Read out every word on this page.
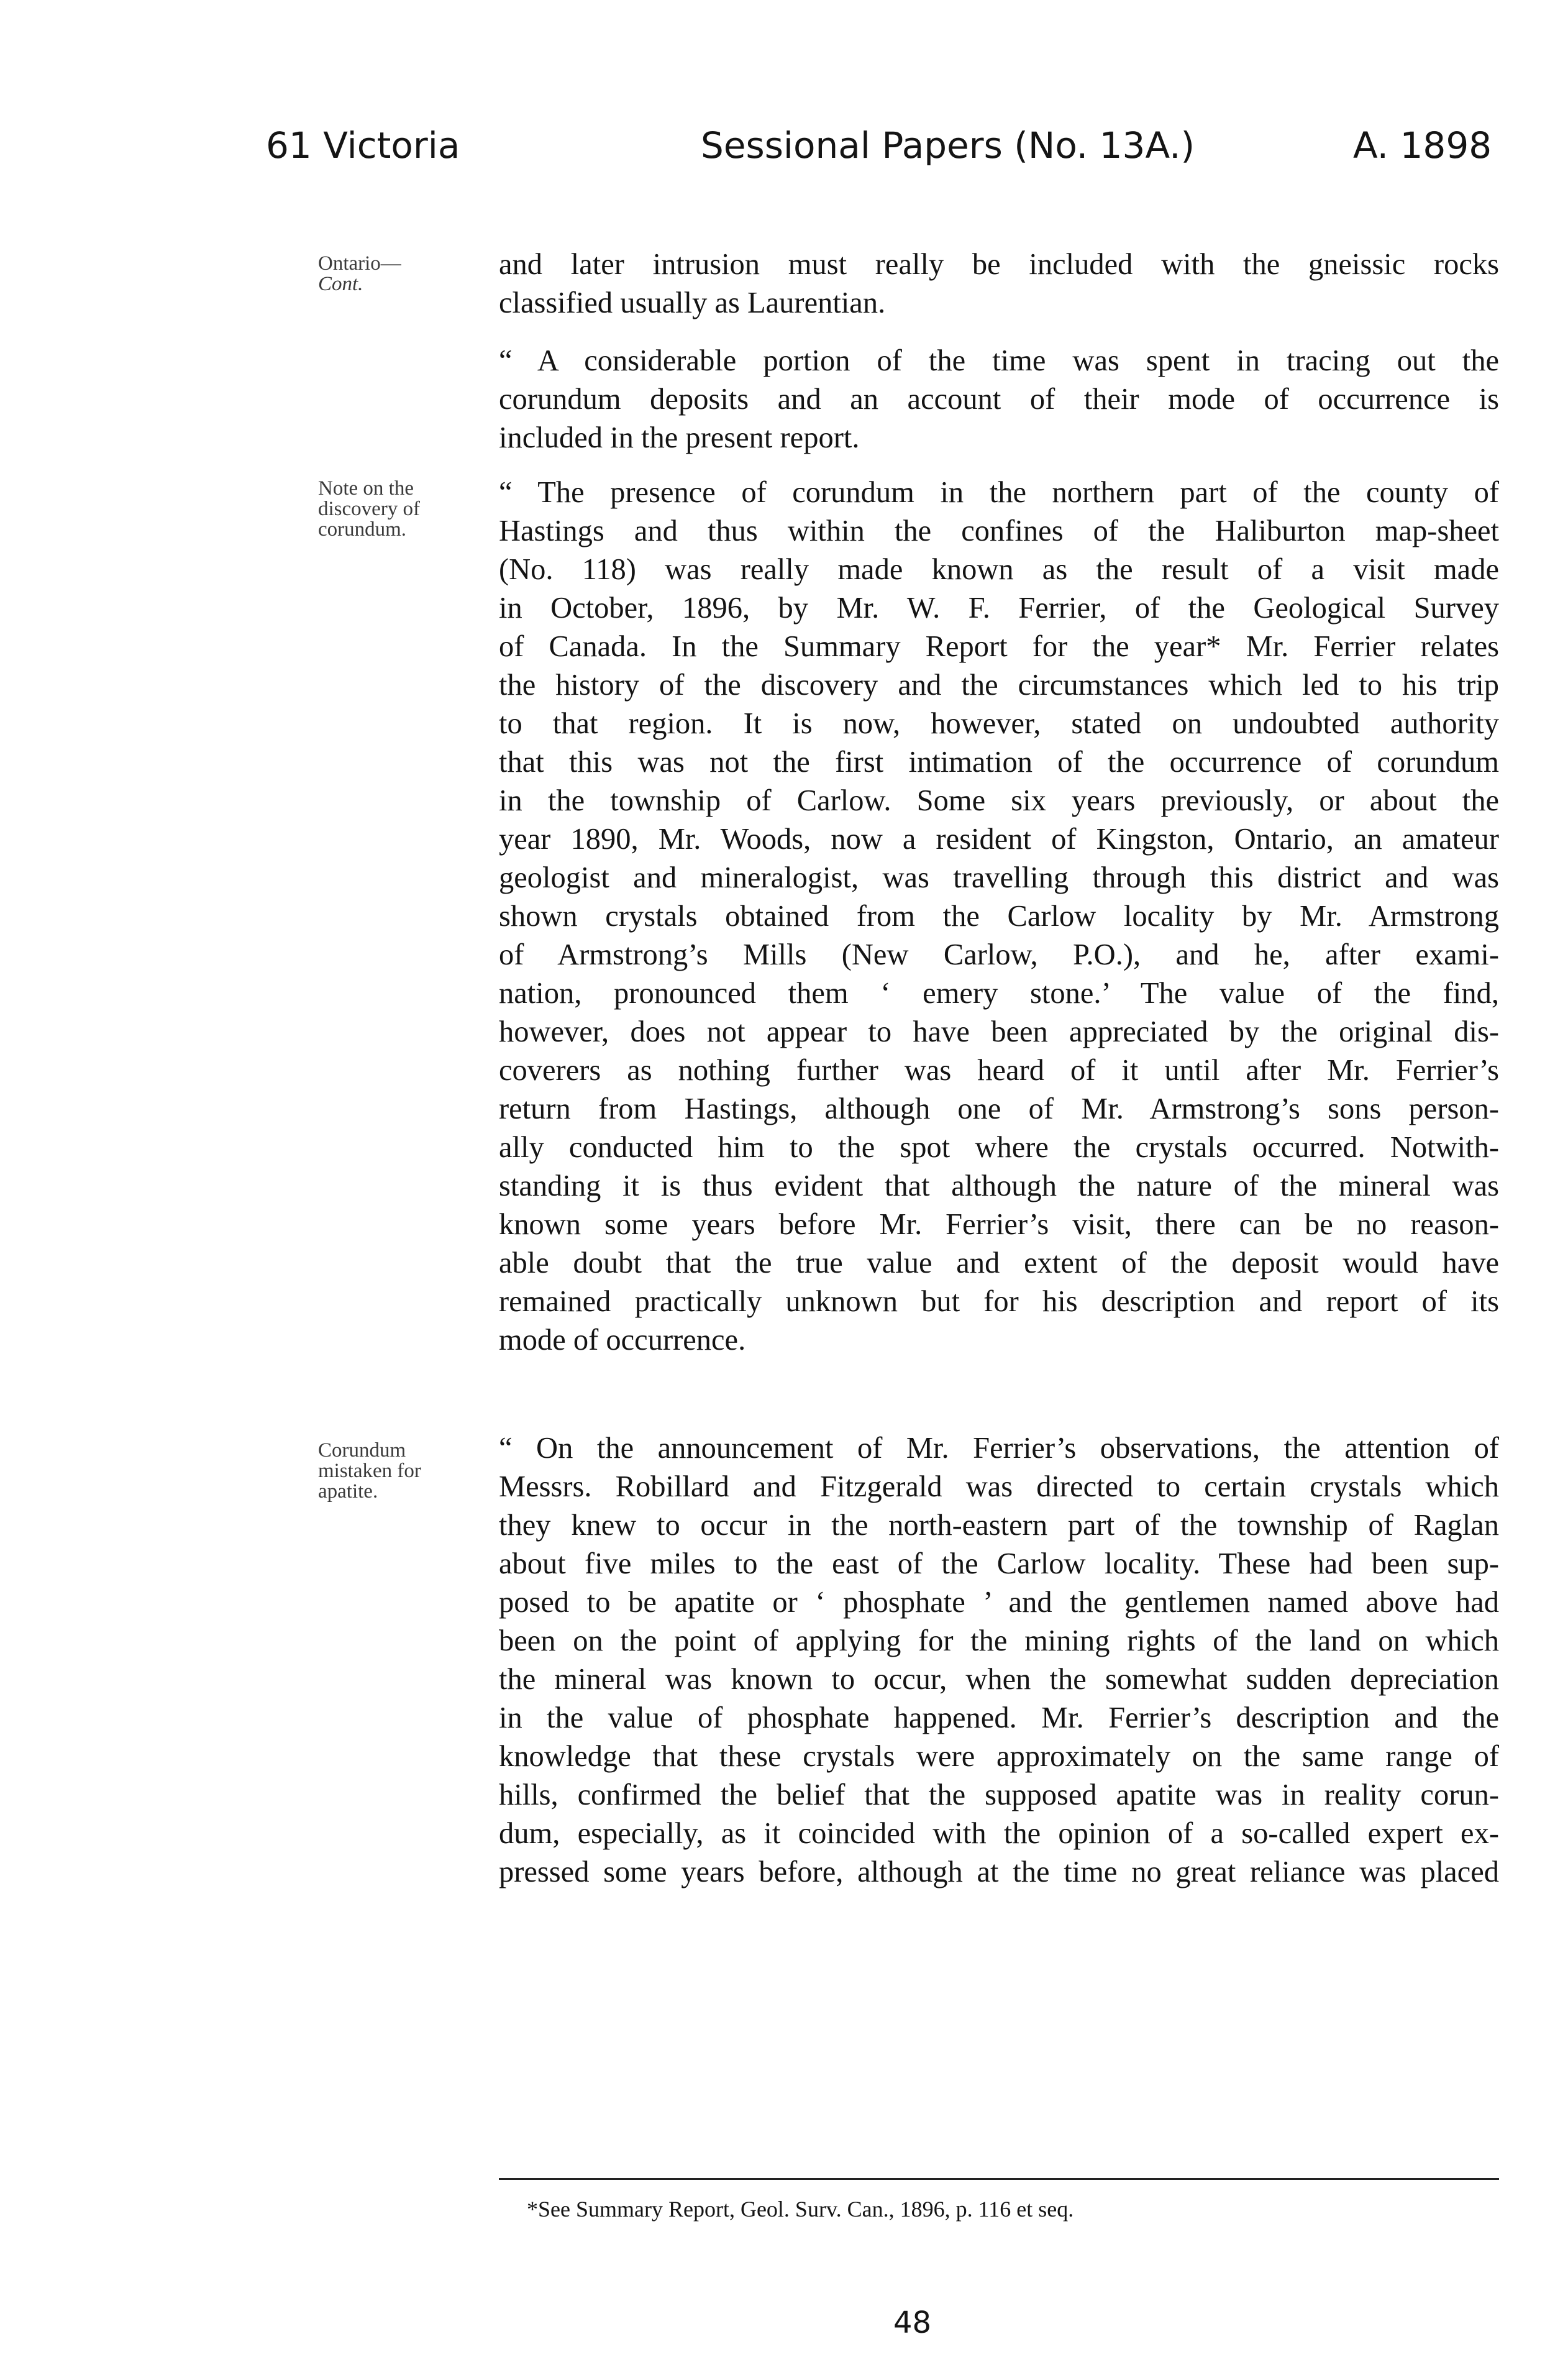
61 Victoria	Sessional Papers (No. 13A.)	A. 1898
Ontario—
Cont.
Note on the
discovery of
corundum.
Corundum
mistaken for
apatite.
and later intrusion must really be included with the gneissic rocks
classified usually as Laurentian.
“ A considerable portion of the time was spent in tracing out the
corundum deposits and an account of their mode of occurrence is
included in the present report.
“ The presence of corundum in the northern part of the county of
Hastings and thus within the confines of the Haliburton map-sheet
(No. 118) was really made known as the result of a visit made
in October, 1896, by Mr. W. F. Ferrier, of the Geological Survey
of Canada. In the Summary Report for the year* Mr. Ferrier relates
the history of the discovery and the circumstances which led to his trip
to that region. It is now, however, stated on undoubted authority
that this was not the first intimation of the occurrence of corundum
in the township of Carlow. Some six years previously, or about the
year 1890, Mr. Woods, now a resident of Kingston, Ontario, an amateur
geologist and mineralogist, was travelling through this district and was
shown crystals obtained from the Carlow locality by Mr. Armstrong
of Armstrong’s Mills (New Carlow, P.O.), and he, after exami-
nation, pronounced them ‘ emery stone.’ The value of the find,
however, does not appear to have been appreciated by the original dis-
coverers as nothing further was heard of it until after Mr. Ferrier’s
return from Hastings, although one of Mr. Armstrong’s sons person-
ally conducted him to the spot where the crystals occurred. Notwith-
standing it is thus evident that although the nature of the mineral was
known some years before Mr. Ferrier’s visit, there can be no reason-
able doubt that the true value and extent of the deposit would have
remained practically unknown but for his description and report of its
mode of occurrence.
“ On the announcement of Mr. Ferrier’s observations, the attention of
Messrs. Robillard and Fitzgerald was directed to certain crystals which
they knew to occur in the north-eastern part of the township of Raglan
about five miles to the east of the Carlow locality. These had been sup-
posed to be apatite or ‘ phosphate ’ and the gentlemen named above had
been on the point of applying for the mining rights of the land on which
the mineral was known to occur, when the somewhat sudden depreciation
in the value of phosphate happened. Mr. Ferrier’s description and the
knowledge that these crystals were approximately on the same range of
hills, confirmed the belief that the supposed apatite was in reality corun-
dum, especially, as it coincided with the opinion of a so-called expert ex-
pressed some years before, although at the time no great reliance was placed
*See Summary Report, Geol. Surv. Can., 1896, p. 116 et seq.
48
